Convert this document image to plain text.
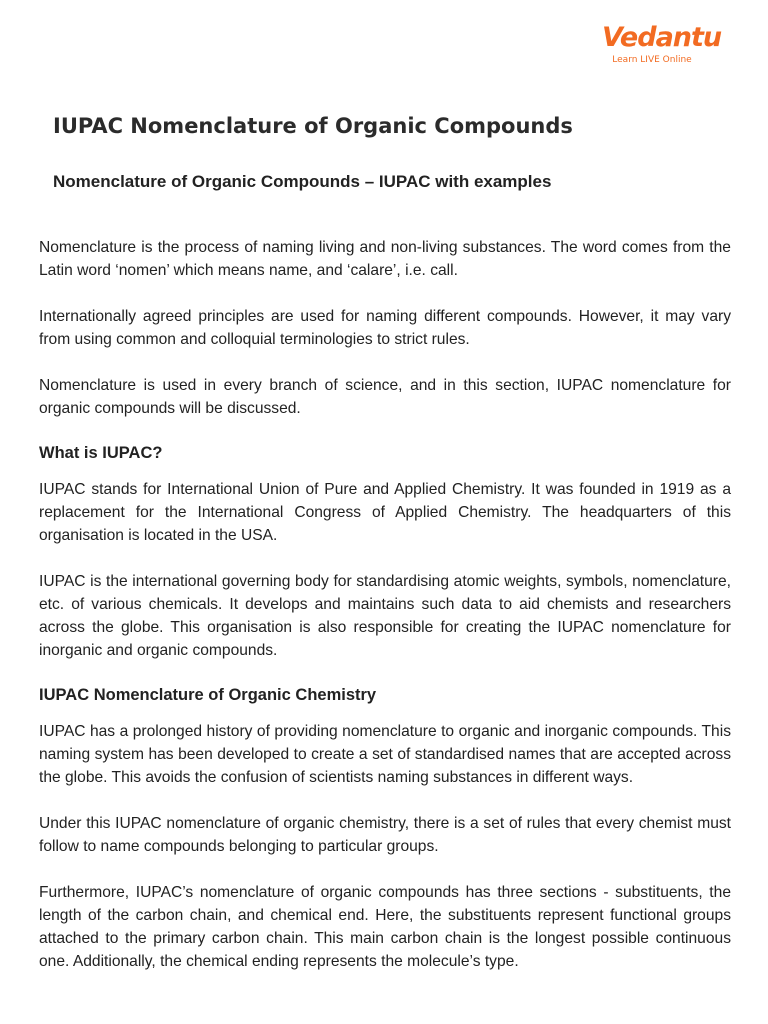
Vedantu
Learn LIVE Online
IUPAC Nomenclature of Organic Compounds
Nomenclature of Organic Compounds – IUPAC with examples

Nomenclature is the process of naming living and non-living substances. The word comes from the Latin word ‘nomen’ which means name, and ‘calare’, i.e. call.

Internationally agreed principles are used for naming different compounds. However, it may vary from using common and colloquial terminologies to strict rules.

Nomenclature is used in every branch of science, and in this section, IUPAC nomenclature for organic compounds will be discussed.

What is IUPAC?

IUPAC stands for International Union of Pure and Applied Chemistry. It was founded in 1919 as a replacement for the International Congress of Applied Chemistry. The headquarters of this organisation is located in the USA.

IUPAC is the international governing body for standardising atomic weights, symbols, nomenclature, etc. of various chemicals. It develops and maintains such data to aid chemists and researchers across the globe. This organisation is also responsible for creating the IUPAC nomenclature for inorganic and organic compounds.

IUPAC Nomenclature of Organic Chemistry

IUPAC has a prolonged history of providing nomenclature to organic and inorganic compounds. This naming system has been developed to create a set of standardised names that are accepted across the globe. This avoids the confusion of scientists naming substances in different ways.

Under this IUPAC nomenclature of organic chemistry, there is a set of rules that every chemist must follow to name compounds belonging to particular groups.

Furthermore, IUPAC’s nomenclature of organic compounds has three sections - substituents, the length of the carbon chain, and chemical end. Here, the substituents represent functional groups attached to the primary carbon chain. This main carbon chain is the longest possible continuous one. Additionally, the chemical ending represents the molecule’s type.
